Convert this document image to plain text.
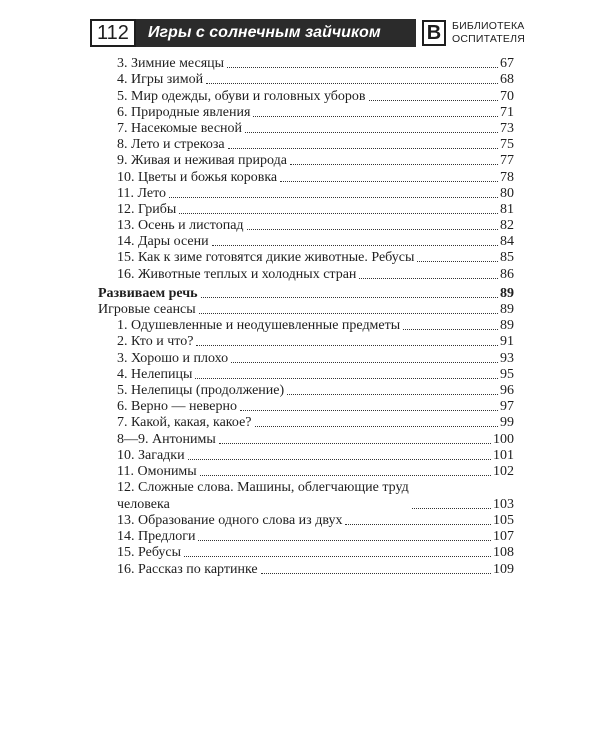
112	Игры с солнечным зайчиком	В	БИБЛИОТЕКА
ОСПИТАТЕЛЯ
3. Зимние месяцы	67
4. Игры зимой	68
5. Мир одежды, обуви и головных уборов	70
6. Природные явления	71
7. Насекомые весной	73
8. Лето и стрекоза	75
9. Живая и неживая природа	77
10. Цветы и божья коровка	78
11. Лето	80
12. Грибы	81
13. Осень и листопад	82
14. Дары осени	84
15. Как к зиме готовятся дикие животные. Ребусы	85
16. Животные теплых и холодных стран	86
Развиваем речь	89
Игровые сеансы	89
1. Одушевленные и неодушевленные предметы	89
2. Кто и что?	91
3. Хорошо и плохо	93
4. Нелепицы	95
5. Нелепицы (продолжение)	96
6. Верно — неверно	97
7. Какой, какая, какое?	99
8—9. Антонимы	100
10. Загадки	101
11. Омонимы	102
12. Сложные слова. Машины, облегчающие труд
человека	103
13. Образование одного слова из двух	105
14. Предлоги	107
15. Ребусы	108
16. Рассказ по картинке	109
